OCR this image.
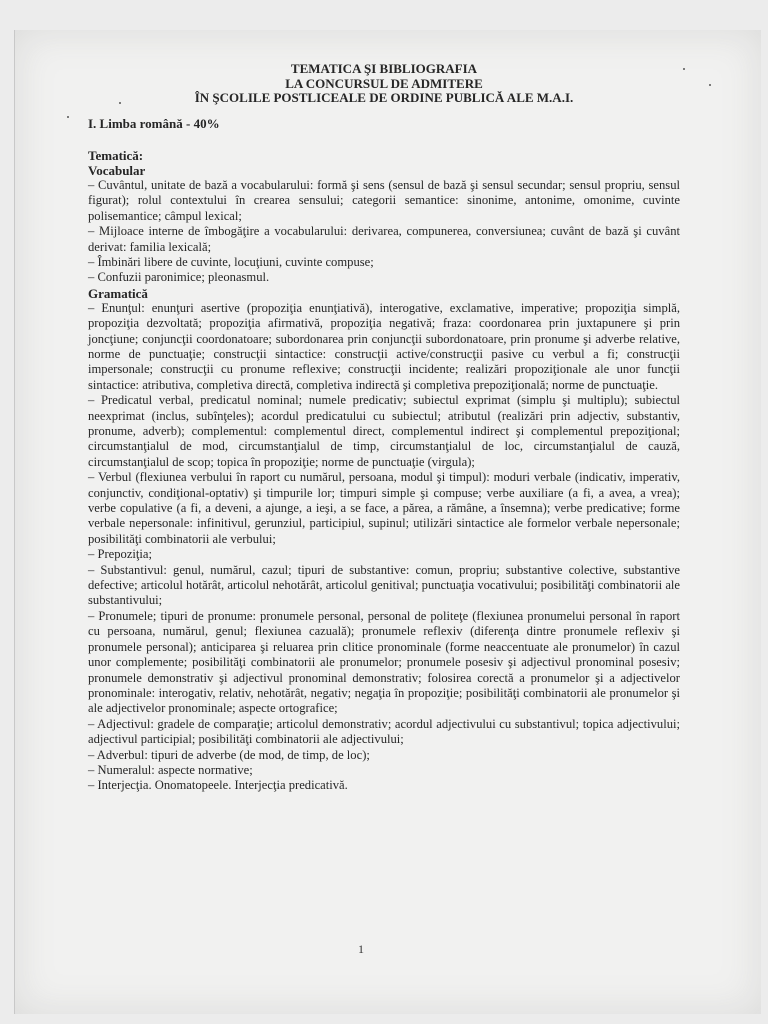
TEMATICA ŞI BIBLIOGRAFIA
LA CONCURSUL DE ADMITERE
ÎN ŞCOLILE POSTLICEALE DE ORDINE PUBLICĂ ALE M.A.I.
I. Limba română - 40%
Tematică:
Vocabular

– Cuvântul, unitate de bază a vocabularului: formă şi sens (sensul de bază şi sensul secundar; sensul propriu, sensul figurat); rolul contextului în crearea sensului; categorii semantice: sinonime, antonime, omonime, cuvinte polisemantice; câmpul lexical;

– Mijloace interne de îmbogăţire a vocabularului: derivarea, compunerea, conversiunea; cuvânt de bază şi cuvânt derivat: familia lexicală;

– Îmbinări libere de cuvinte, locuţiuni, cuvinte compuse;

– Confuzii paronimice; pleonasmul.

Gramatică

– Enunţul: enunţuri asertive (propoziţia enunţiativă), interogative, exclamative, imperative; propoziţia simplă, propoziţia dezvoltată; propoziţia afirmativă, propoziţia negativă; fraza: coordonarea prin juxtapunere şi prin joncţiune; conjuncţii coordonatoare; subordonarea prin conjuncţii subordonatoare, prin pronume şi adverbe relative, norme de punctuaţie; construcţii sintactice: construcţii active/construcţii pasive cu verbul a fi; construcţii impersonale; construcţii cu pronume reflexive; construcţii incidente; realizări propoziţionale ale unor funcţii sintactice: atributiva, completiva directă, completiva indirectă şi completiva prepoziţională; norme de punctuaţie.

– Predicatul verbal, predicatul nominal; numele predicativ; subiectul exprimat (simplu şi multiplu); subiectul neexprimat (inclus, subînţeles); acordul predicatului cu subiectul; atributul (realizări prin adjectiv, substantiv, pronume, adverb); complementul: complementul direct, complementul indirect şi complementul prepoziţional; circumstanţialul de mod, circumstanţialul de timp, circumstanţialul de loc, circumstanţialul de cauză, circumstanţialul de scop; topica în propoziţie; norme de punctuaţie (virgula);

– Verbul (flexiunea verbului în raport cu numărul, persoana, modul şi timpul): moduri verbale (indicativ, imperativ, conjunctiv, condiţional-optativ) şi timpurile lor; timpuri simple şi compuse; verbe auxiliare (a fi, a avea, a vrea); verbe copulative (a fi, a deveni, a ajunge, a ieşi, a se face, a părea, a rămâne, a însemna); verbe predicative; forme verbale nepersonale: infinitivul, gerunziul, participiul, supinul; utilizări sintactice ale formelor verbale nepersonale; posibilităţi combinatorii ale verbului;

– Prepoziţia;

– Substantivul: genul, numărul, cazul; tipuri de substantive: comun, propriu; substantive colective, substantive defective; articolul hotărât, articolul nehotărât, articolul genitival; punctuaţia vocativului; posibilităţi combinatorii ale substantivului;

– Pronumele; tipuri de pronume: pronumele personal, personal de politeţe (flexiunea pronumelui personal în raport cu persoana, numărul, genul; flexiunea cazuală); pronumele reflexiv (diferenţa dintre pronumele reflexiv şi pronumele personal); anticiparea şi reluarea prin clitice pronominale (forme neaccentuate ale pronumelor) în cazul unor complemente; posibilităţi combinatorii ale pronumelor; pronumele posesiv şi adjectivul pronominal posesiv; pronumele demonstrativ şi adjectivul pronominal demonstrativ; folosirea corectă a pronumelor şi a adjectivelor pronominale: interogativ, relativ, nehotărât, negativ; negaţia în propoziţie; posibilităţi combinatorii ale pronumelor şi ale adjectivelor pronominale; aspecte ortografice;

– Adjectivul: gradele de comparaţie; articolul demonstrativ; acordul adjectivului cu substantivul; topica adjectivului; adjectivul participial; posibilităţi combinatorii ale adjectivului;

– Adverbul: tipuri de adverbe (de mod, de timp, de loc);

– Numeralul: aspecte normative;

– Interjecţia. Onomatopeele. Interjecţia predicativă.

1
